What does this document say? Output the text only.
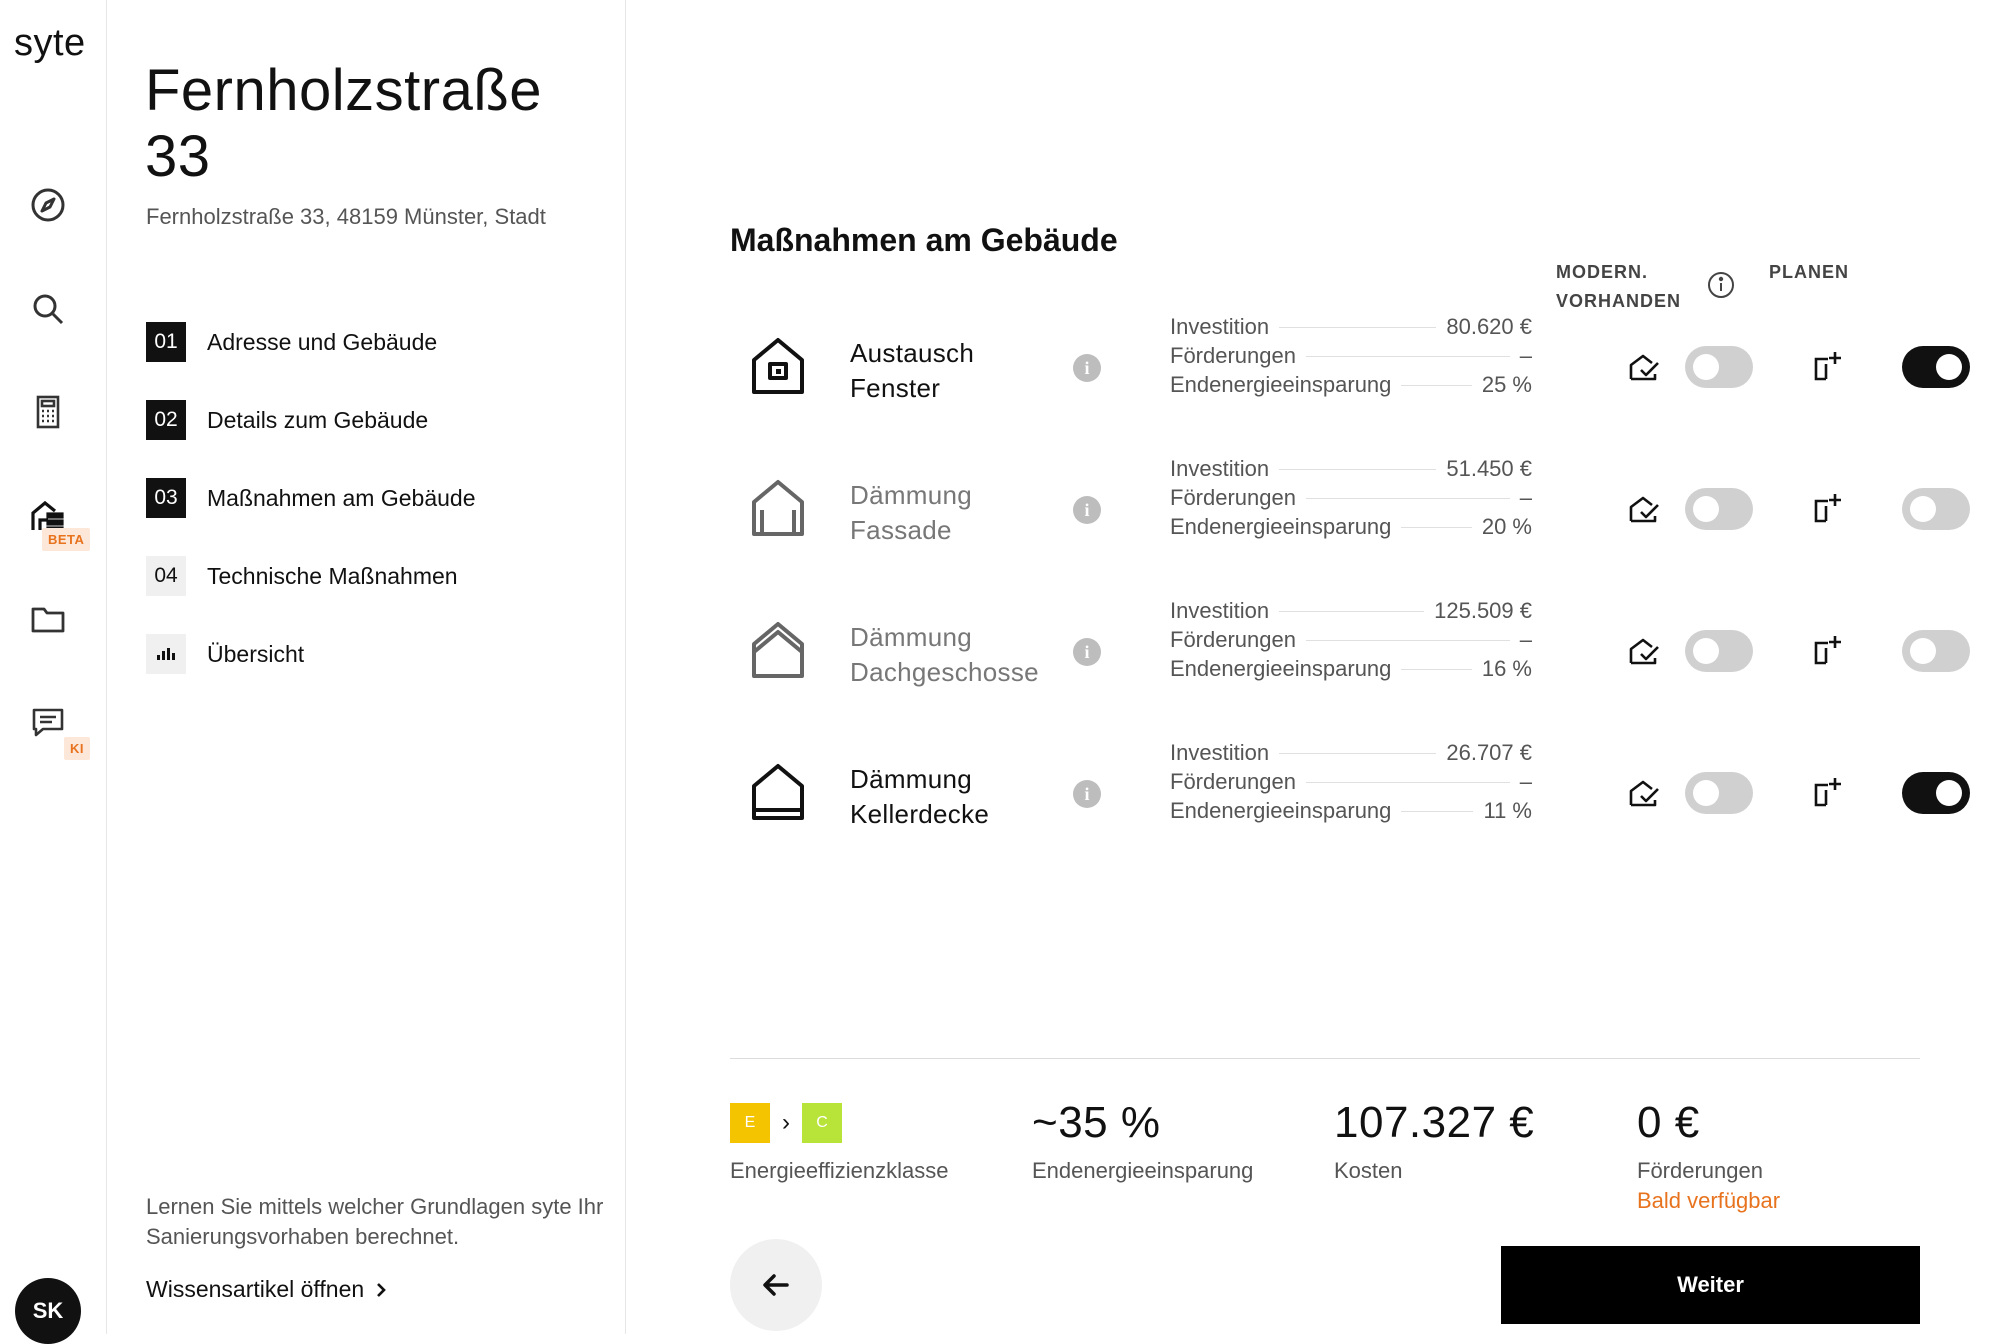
syte
BETA
KI
SK
Fernholzstraße 33
Fernholzstraße 33, 48159 Münster, Stadt
01	Adresse und Gebäude
02	Details zum Gebäude
03	Maßnahmen am Gebäude
04	Technische Maßnahmen
Übersicht
Lernen Sie mittels welcher Grundlagen syte Ihr Sanierungsvorhaben berechnet.
Wissensartikel öffnen
Maßnahmen am Gebäude
MODERN.
VORHANDEN
PLANEN
Austausch
Fenster
i
Investition	80.620 €
Förderungen	–
Endenergieeinsparung	25 %
Dämmung
Fassade
i
Investition	51.450 €
Förderungen	–
Endenergieeinsparung	20 %
Dämmung
Dachgeschosse
i
Investition	125.509 €
Förderungen	–
Endenergieeinsparung	16 %
Dämmung
Kellerdecke
i
Investition	26.707 €
Förderungen	–
Endenergieeinsparung	11 %
E	›	C
Energieeffizienzklasse
~35 %
Endenergieeinsparung
107.327 €
Kosten
0 €
Förderungen
Bald verfügbar
Weiter
